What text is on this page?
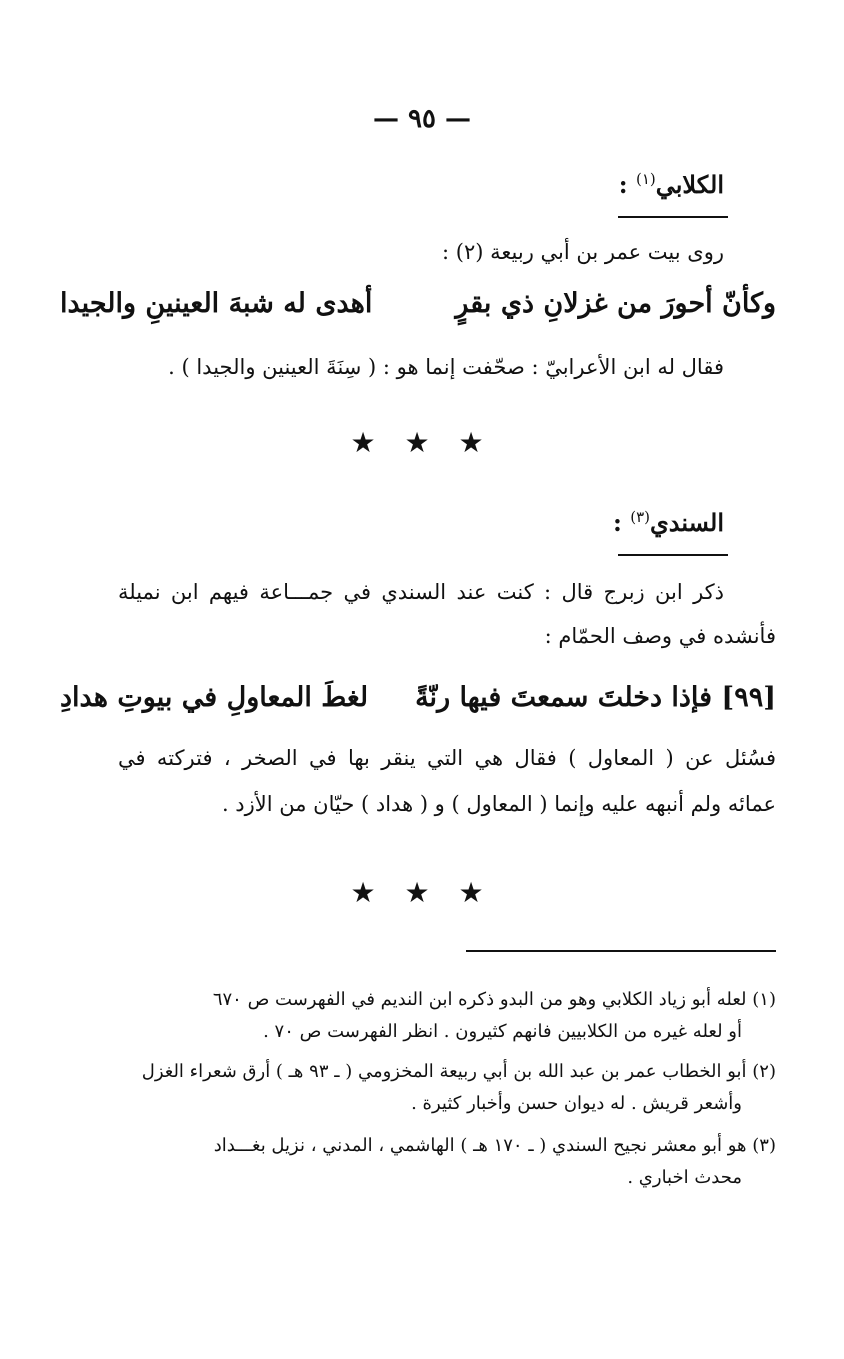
— ٩٥ —
الكلابي$^{(١)}$ :
روى بيت عمر بن أبي ربيعة (٢) :
وكأنّ أحورَ من غزلانِ ذي بقرٍ
أهدى له شبهَ العينينِ والجيدا
فقال له ابن الأعرابيّ : صحّفت إنما هو : ( سِنَةَ العينين والجيدا ) .
★ ★ ★
السندي$^{(٣)}$ :
ذكر ابن زبرج قال : كنت عند السندي في جمـــاعة فيهم ابن نميلة
فأنشده في وصف الحمّام :
[٩٩] فإذا دخلتَ سمعتَ فيها رنّةً
لغطَ المعاولِ في بيوتِ هدادِ
فسُئل عن ( المعاول ) فقال هي التي ينقر بها في الصخر ، فتركته في
عمائه ولم أنبهه عليه وإنما ( المعاول ) و ( هداد ) حيّان من الأزد .
★ ★ ★
(١) لعله أبو زياد الكلابي وهو من البدو ذكره ابن النديم في الفهرست ص ٦٧٠
أو لعله غيره من الكلابيين فانهم كثيرون . انظر الفهرست ص ٧٠ .
(٢) أبو الخطاب عمر بن عبد الله بن أبي ربيعة المخزومي ( ـ ٩٣ هـ ) أرق شعراء الغزل
وأشعر قريش . له ديوان حسن وأخبار كثيرة .
(٣) هو أبو معشر نجيح السندي ( ـ ١٧٠ هـ ) الهاشمي ، المدني ، نزيل بغـــداد
محدث اخباري .
